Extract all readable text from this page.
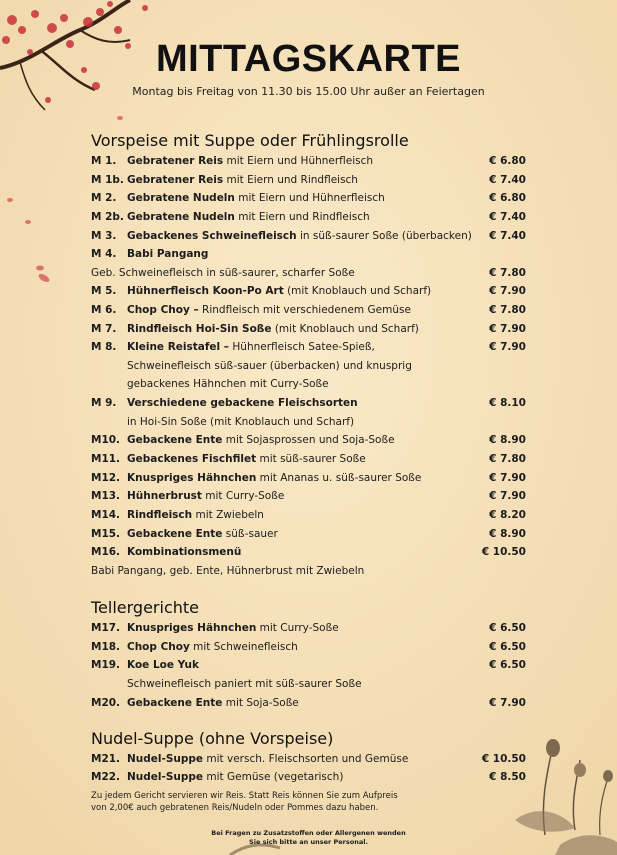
MITTAGSKARTE
Montag bis Freitag von 11.30 bis 15.00 Uhr außer an Feiertagen
Vorspeise mit Suppe oder Frühlingsrolle
M 1. Gebratener Reis mit Eiern und Hühnerfleisch	€ 6.80
M 1b. Gebratener Reis mit Eiern und Rindfleisch	€ 7.40
M 2. Gebratene Nudeln mit Eiern und Hühnerfleisch	€ 6.80
M 2b. Gebratene Nudeln mit Eiern und Rindfleisch	€ 7.40
M 3. Gebackenes Schweinefleisch in süß-saurer Soße (überbacken) € 7.40
M 4. Babi Pangang
Geb. Schweinefleisch in süß-saurer, scharfer Soße	€ 7.80
M 5. Hühnerfleisch Koon-Po Art (mit Knoblauch und Scharf)	€ 7.90
M 6. Chop Choy – Rindfleisch mit verschiedenem Gemüse	€ 7.80
M 7. Rindfleisch Hoi-Sin Soße (mit Knoblauch und Scharf)	€ 7.90
M 8. Kleine Reistafel – Hühnerfleisch Satee-Spieß,	€ 7.90
Schweinefleisch süß-sauer (überbacken) und knusprig
gebackenes Hähnchen mit Curry-Soße
M 9. Verschiedene gebackene Fleischsorten	€ 8.10
in Hoi-Sin Soße (mit Knoblauch und Scharf)
M10. Gebackene Ente mit Sojasprossen und Soja-Soße	€ 8.90
M11. Gebackenes Fischfilet mit süß-saurer Soße	€ 7.80
M12. Knuspriges Hähnchen mit Ananas u. süß-saurer Soße	€ 7.90
M13. Hühnerbrust mit Curry-Soße	€ 7.90
M14. Rindfleisch mit Zwiebeln	€ 8.20
M15. Gebackene Ente süß-sauer	€ 8.90
M16. Kombinationsmenü	€ 10.50
Babi Pangang, geb. Ente, Hühnerbrust mit Zwiebeln
Tellergerichte
M17. Knuspriges Hähnchen mit Curry-Soße	€ 6.50
M18. Chop Choy mit Schweinefleisch	€ 6.50
M19. Koe Loe Yuk	€ 6.50
Schweinefleisch paniert mit süß-saurer Soße
M20. Gebackene Ente mit Soja-Soße	€ 7.90
Nudel-Suppe (ohne Vorspeise)
M21. Nudel-Suppe mit versch. Fleischsorten und Gemüse	€ 10.50
M22. Nudel-Suppe mit Gemüse (vegetarisch)	€ 8.50
Zu jedem Gericht servieren wir Reis. Statt Reis können Sie zum Aufpreis
von 2,00€ auch gebratenen Reis/Nudeln oder Pommes dazu haben.
Bei Fragen zu Zusatzstoffen oder Allergenen wenden
Sie sich bitte an unser Personal.
